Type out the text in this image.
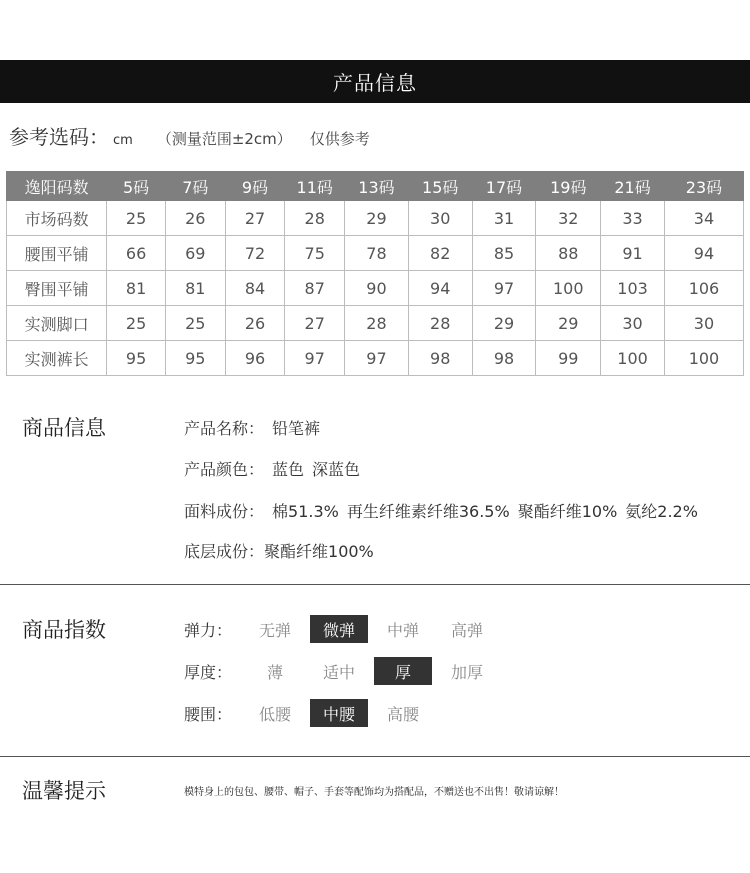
产品信息
参考选码： cm （测量范围±2cm） 仅供参考
逸阳码数	5码	7码	9码	11码	13码	15码	17码	19码	21码	23码
市场码数	25	26	27	28	29	30	31	32	33	34
腰围平铺	66	69	72	75	78	82	85	88	91	94
臀围平铺	81	81	84	87	90	94	97	100	103	106
实测脚口	25	25	26	27	28	28	29	29	30	30
实测裤长	95	95	96	97	97	98	98	99	100	100
商品信息	产品名称： 铅笔裤
产品颜色： 蓝色 深蓝色
面料成份： 棉51.3% 再生纤维素纤维36.5% 聚酯纤维10% 氨纶2.2%
底层成份：聚酯纤维100%
商品指数	弹力：	无弹	微弹	中弹	高弹
厚度：	薄	适中	厚	加厚
腰围：	低腰	中腰	高腰
温馨提示	模特身上的包包、腰带、帽子、手套等配饰均为搭配品，不赠送也不出售！敬请谅解！
